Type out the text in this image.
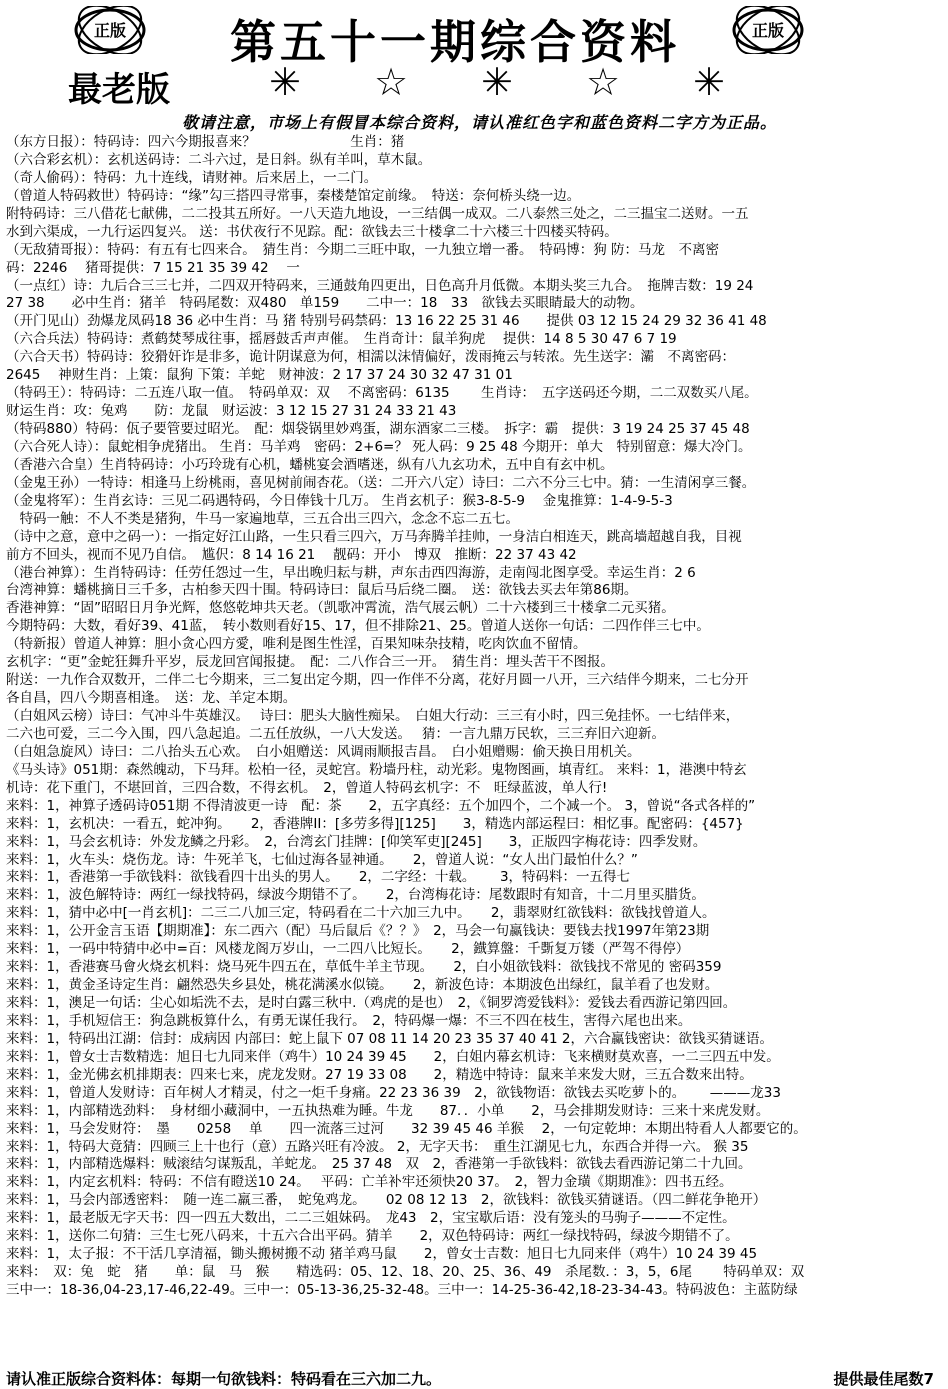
正版	第五十一期综合资料	正版
最老版	✳ ☆ ✳ ☆ ✳
敬请注意，市场上有假冒本综合资料，请认准红色字和蓝色资料二字方为正品。
（东方日报）：特码诗：四六今期报喜来？　　　　　　　生肖：猪
（六合彩玄机）：玄机送码诗：二斗六过，是日斜。纵有羊叫，草木鼠。
（奇人偷码）：特码：九十连线，请财神。后来居上，一二门。
（曾道人特码救世）特码诗：“缘”勾三搭四寻常事，秦楼楚馆定前缘。　特送：奈何桥头绕一边。
附特码诗：三八借花七献佛，二二投其五所好。一八天造九地设，一三结偶一成双。二八泰然三处之，二三揾宝二送财。一五
水到六渠成，一九行运四复兴。 送：书伏夜行不见踪。配：欲钱去三十楼拿二十六楼三十四楼买特码。
（无敌猜哥报）：特码：有五有七四来合。　猜生肖：今期二三旺中取，一九独立增一番。　特码博：狗 防：马龙　不离密
码：2246　 猪哥提供：7 15 21 35 39 42　 一
（一点红）诗：九后合三三七并，二四双开特码来，三通鼓角四更出，日色高升月低微。本期头奖三九合。　拖牌吉数：19 24
27 38　　必中生肖：猪羊　特码尾数：双480　单159　　二中一：18　33　欲钱去买眼睛最大的动物。
（开门见山）劲爆龙凤码18 36 必中生肖：马 猪 特别号码禁码：13 16 22 25 31 46　　提供 03 12 15 24 29 32 36 41 48
（六合兵法）特码诗：煮鹤焚琴成往事，摇唇鼓舌声声催。　生肖奇计：鼠羊狗虎　 提供：14 8 5 30 47 6 7 19
（六合天书）特码诗：狡猾奸诈是非多，诡计阴谋意为何，相濡以沫情偏好，泼雨掩云与转浓。先生送字：灞　不离密码：
2645　 神财生肖：上策：鼠狗 下策：羊蛇　财神波：2 17 37 24 30 32 47 31 01
（特码王）：特码诗：二五连八取一值。　特码单双：双　 不离密码：6135　　 生肖诗：　五字送码还今期，二二双数买八尾。
财运生肖：攻：兔鸡　　防：龙鼠　财运波：3 12 15 27 31 24 33 21 43
（特码880）特码：佤子要管要过昭光。　配：烟袋锅里妙鸡蛋，湖东酒家二三楼。　拆字：霸　提供：3 19 24 25 37 45 48
（六合死人诗）：鼠蛇相争虎猪出。 生肖：马羊鸡　密码：2+6=？ 死人码：9 25 48 今期开：单大　特别留意：爆大冷门。
（香港六合皇）生肖特码诗：小巧玲珑有心机，蟠桃宴会酒嗜迷，纵有八九玄功术，五中自有玄中机。
（金鬼王孙）一特诗：相逢马上纷桃雨，喜见树前闹杏花。（送：二开六八定）诗曰：二六不分三七中。猜：一生清闲享三餐。
（金鬼将军）：生肖玄诗：三见二码遇特码，今日俸钱十几万。 生肖玄机子：猴3-8-5-9　 金鬼推算：1-4-9-5-3
　特码一触：不人不类是猪狗，牛马一家遍地草，三五合出三四六，念念不忘二五七。
（诗中之意，意中之码一）：一指定好江山路，一生只看三四六，万马奔腾羊挂帅，一身洁白相连天，跳高墙超越自我，目视
前方不回头，视而不见乃自信。　尴伬：8 14 16 21　 靓码：开小　博双　推断：22 37 43 42
（港台神算）：生肖特码诗：任劳任怨过一生，早出晚归耘与耕，声东击西四海游，走南闯北图享受。幸运生肖：2 6
台湾神算：蟠桃摘日三千多，古柏参天四十围。特码诗曰：鼠后马后绕二圈。　送：欲钱去买去年第86期。
香港神算：“固”昭昭日月争光辉，悠悠乾坤共天老。（凯歌冲霄流，浩气展云帆）二十六楼到三十楼拿二元买猪。
今期特码：大数，看好39、41蓝，　转小数则看好15、17，但不排除21、25。曾道人送你一句话：二四作伴三七中。
（特新报）曾道人神算：胆小贪心四方愛，唯利是图生性淫，百果知味杂技精，吃肉饮血不留情。
玄机字：“更”金蛇狂舞升平岁，辰龙回宫闻报捷。　配：二八作合三一开。　猜生肖：埋头苦干不图报。
附送：一九作合双数开，二伴二七今期来，三二复出定今期，四一作伴不分离，花好月圆一八开，三六结伴今期来，二七分开
各自昌，四八今期喜相逢。　送：龙、羊定本期。
（白姐风云榜）诗曰：气冲斗牛英雄汉。　 诗曰：肥头大脑性痴呆。　白姐大行动：三三有小时，四三免挂怀。一七结伴来，
二六也可爱，三二今入围，四八急起追。二五任放纵，一八大发送。　 猜：一言九鼎万民软，三三弃旧六迎新。
（白姐急旋风）诗曰：二八抬头五心欢。　白小姐赠送：风调雨顺报吉昌。　白小姐赠赐：偷天换日用机关。
《马头诗》051期：森然魄动，下马拜。松柏一径，灵蛇宫。粉墙丹柱，动光彩。鬼物图画，填青红。 来料：1，港澳中特玄
机诗：花下重门，不堪回首，三四合数，不得玄机。　2，曾道人特码玄机字：不　旺绿蓝波，单人行!
来料：1，神算子透码诗051期 不得清波更一诗　配：茶　　2，五字真经：五个加四个，二个减一个。 3，曾说“各式各样的”
来料：1，玄机决：一看五，蛇冲狗。　　2，香港牌II：[多劳多得][125]　　3，精选内部运程曰：相忆事。配密码：{457}
来料：1，马会玄机诗：外发龙鳞之丹彩。　2，台湾玄门挂牌：[仰笑军吏][245]　　3，正版四字梅花诗：四季发财。
来料：1，火车头：烧伤龙。诗：牛死羊飞，七仙过海各显神通。　　2，曾道人说：“女人出门最怕什么？”
来料：1，香港第一手欲钱料：欲钱看四十出头的男人。　　2，二字经：十载。　　 3，特码料：一五得七
来料：1，波色解特诗：两红一绿找特码，绿波今期错不了。　　2，台湾梅花诗：尾数跟时有知音，十二月里买腊货。
来料：1，猜中必中[一肖玄机]：二三二八加三定，特码看在二十六加三九中。　　2，翡翠财红欲钱料：欲钱找曾道人。
来料：1，公开金言玉语【期期准】：东二西六（配）马后鼠后《？？》　2，马会一句赢钱诀：要钱去找1997年第23期
来料：1，一码中特猜中必中=百：风楼龙阁万岁山，一二四八比短长。　　2，鐡算盤：千斲复万镂（严驾不得停）
来料：1，香港赛马會火烧玄机料：烧马死牛四五在，草低牛羊主节现。　　2，白小姐欲钱料：欲钱找不常见的 密码359
来料：1，黄金圣诗定生肖：翩然恐失乡县处，桃花满溪水似镜。　　2，新波色诗：本期波色出绿红，鼠羊看了也发财。
来料：1，澳足一句话：尘心如垢洗不去，是时白露三秋中.（鸡虎的是也）　2，《铜罗湾爱钱料》：爱钱去看西游记第四回。
来料：1，手机短信王：狗急跳板算什么，有勇无谋任我行。　2，特码爆一爆：不三不四在枝生，害得六尾也出来。
来料：1，特码出江湖：信封：成病因 内部曰：蛇上鼠下 07 08 11 14 20 23 35 37 40 41 2，六合赢钱密诀：欲钱买猜谜语。
来料：1，曾女士吉数精选：旭日七九同来伴（鸡牛）10 24 39 45　　2，白姐内幕玄机诗：飞来横财莫欢喜，一二三四五中发。
来料：1，金光佛玄机排期表：四来七来，虎龙发财。27 19 33 08　　2，精选中特诗：鼠来羊来发大财，三五合数来出特。
来料：1，曾道人发财诗：百年树人才精灵，付之一炬千身痛。22 23 36 39　2，欲钱物语：欲钱去买吃萝卜的。　　 ———龙33
来料：1，内部精选劲料：　身材细小藏洞中，一五执热难为睡。牛龙　　87．．小单　　2，马会排期发财诗：三来十来虎发财。
来料：1，马会发财符：　墨　　0258　 单　　四一流落三过河　　32 39 45 46 羊猴　 2，一句定乾坤：本期出特看人人都要它的。
来料：1，特码大竟猜：四顾三上十也行（意）五路兴旺有冷波。 2，无字天书：　重生江湖见七九，东西合并得一六。 猴 35
来料：1，内部精选爆料：贼滚结匀谋叛乱，羊蛇龙。　25 37 48　双　2，香港第一手欲钱料：欲钱去看西游记第二十九回。
来料：1，内定玄机料：特码：不信有瞪送10 24。　 平码：亡羊补牢还须快20 37。　2，智力金璜《期期准》：四书五经。
来料：1，马会内部透密料：　随一连二羸三番，　蛇兔鸡龙。　　02 08 12 13　2，欲钱料：欲钱买猜谜语。（四二鲜花争艳开）
来料：1，最老版无字天书：四一四五大数出，二二三姐妹码。　龙43　2，宝宝歇后语：没有笼头的马驹子———不定性。
来料：1，送你二句猜：三生七死八码来，十五六合出平码。猜羊　　2，双色特码诗：两红一绿找特码，绿波今期错不了。
来料：1，太子报：不干活几享清福，锄头搬树搬不动 猪羊鸡马鼠　　2，曾女士吉数：旭日七九同来伴（鸡牛）10 24 39 45
来料：　双：兔　蛇　猪　　单：鼠　马　猴　　精选码：05、12、18、20、25、36、49　杀尾数．：3，5，6尾　　 特码单双：双
三中一：18-36,04-23,17-46,22-49。三中一：05-13-36,25-32-48。三中一：14-25-36-42,18-23-34-43。特码波色：主蓝防绿
请认准正版综合资料体：每期一句欲钱料：特码看在三六加二九。	提供最佳尾数7
